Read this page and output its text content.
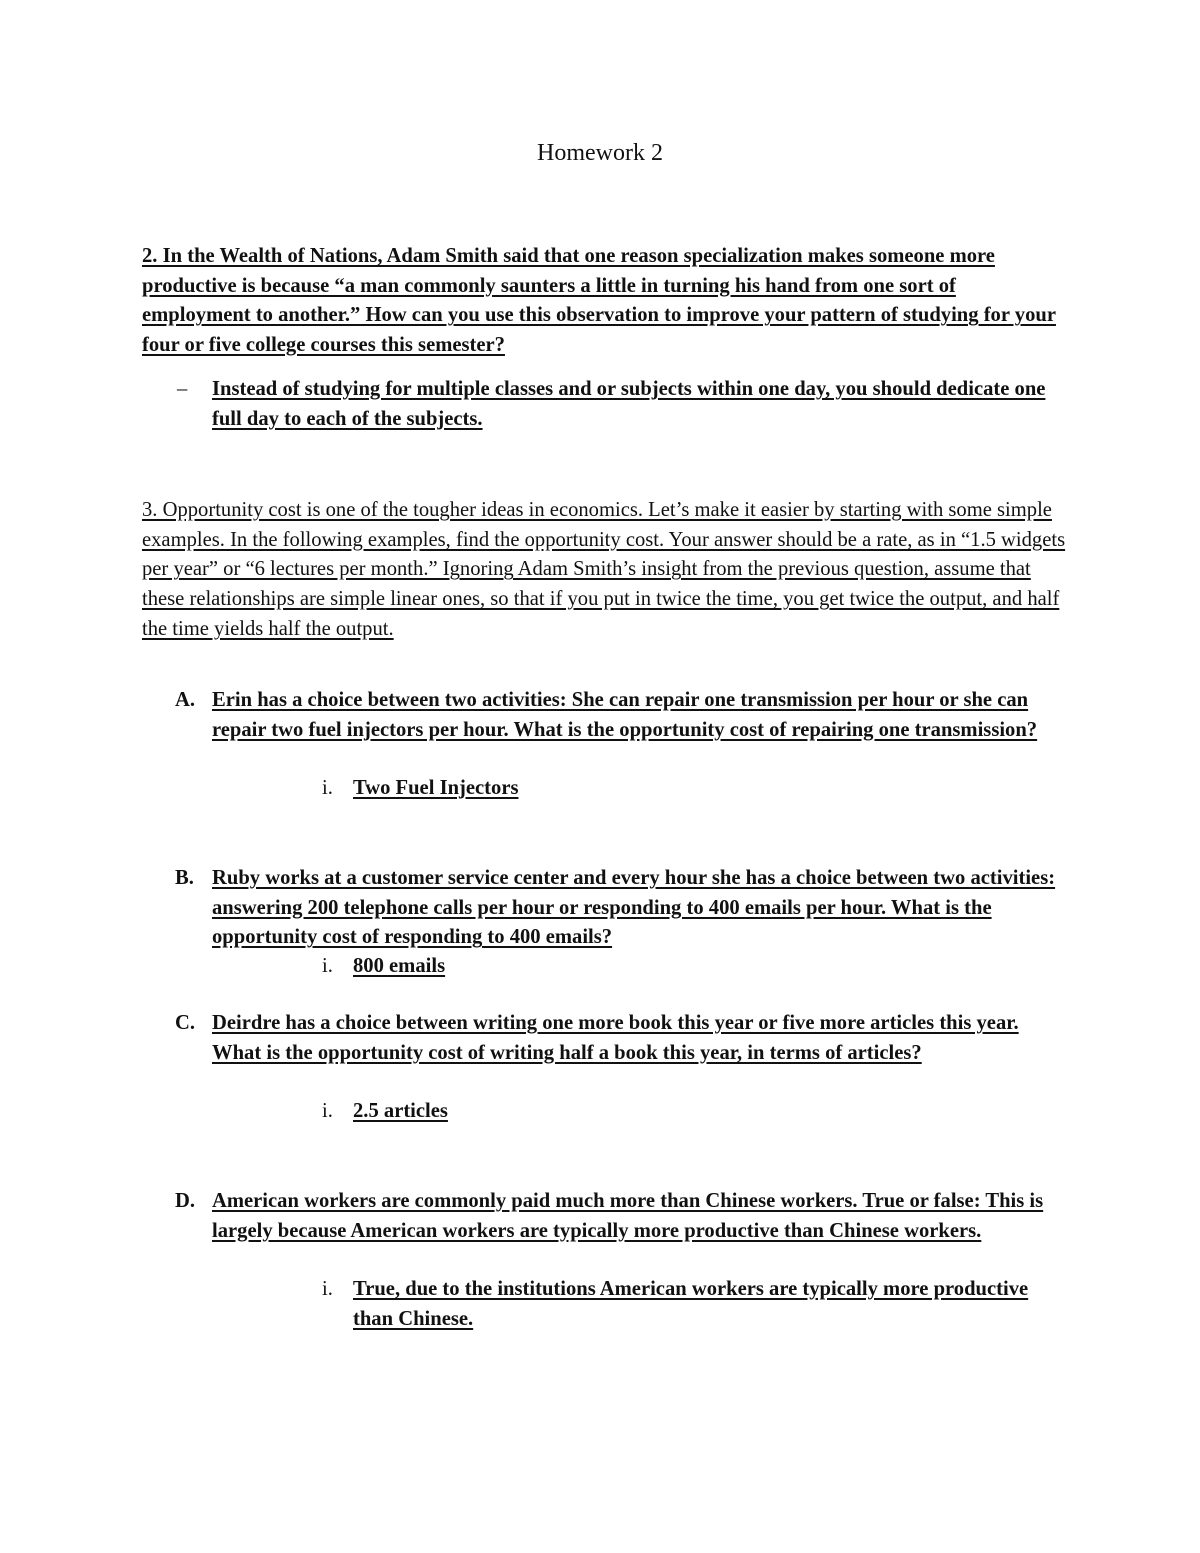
Homework 2
2. In the Wealth of Nations, Adam Smith said that one reason specialization makes someone more productive is because “a man commonly saunters a little in turning his hand from one sort of employment to another.” How can you use this observation to improve your pattern of studying for your four or five college courses this semester?
– Instead of studying for multiple classes and or subjects within one day, you should dedicate one full day to each of the subjects.
3. Opportunity cost is one of the tougher ideas in economics. Let’s make it easier by starting with some simple examples. In the following examples, find the opportunity cost. Your answer should be a rate, as in “1.5 widgets per year” or “6 lectures per month.” Ignoring Adam Smith’s insight from the previous question, assume that these relationships are simple linear ones, so that if you put in twice the time, you get twice the output, and half the time yields half the output.
A. Erin has a choice between two activities: She can repair one transmission per hour or she can repair two fuel injectors per hour. What is the opportunity cost of repairing one transmission?
i. Two Fuel Injectors
B. Ruby works at a customer service center and every hour she has a choice between two activities: answering 200 telephone calls per hour or responding to 400 emails per hour. What is the opportunity cost of responding to 400 emails?
i. 800 emails
C. Deirdre has a choice between writing one more book this year or five more articles this year. What is the opportunity cost of writing half a book this year, in terms of articles?
i. 2.5 articles
D. American workers are commonly paid much more than Chinese workers. True or false: This is largely because American workers are typically more productive than Chinese workers.
i. True, due to the institutions American workers are typically more productive than Chinese.
